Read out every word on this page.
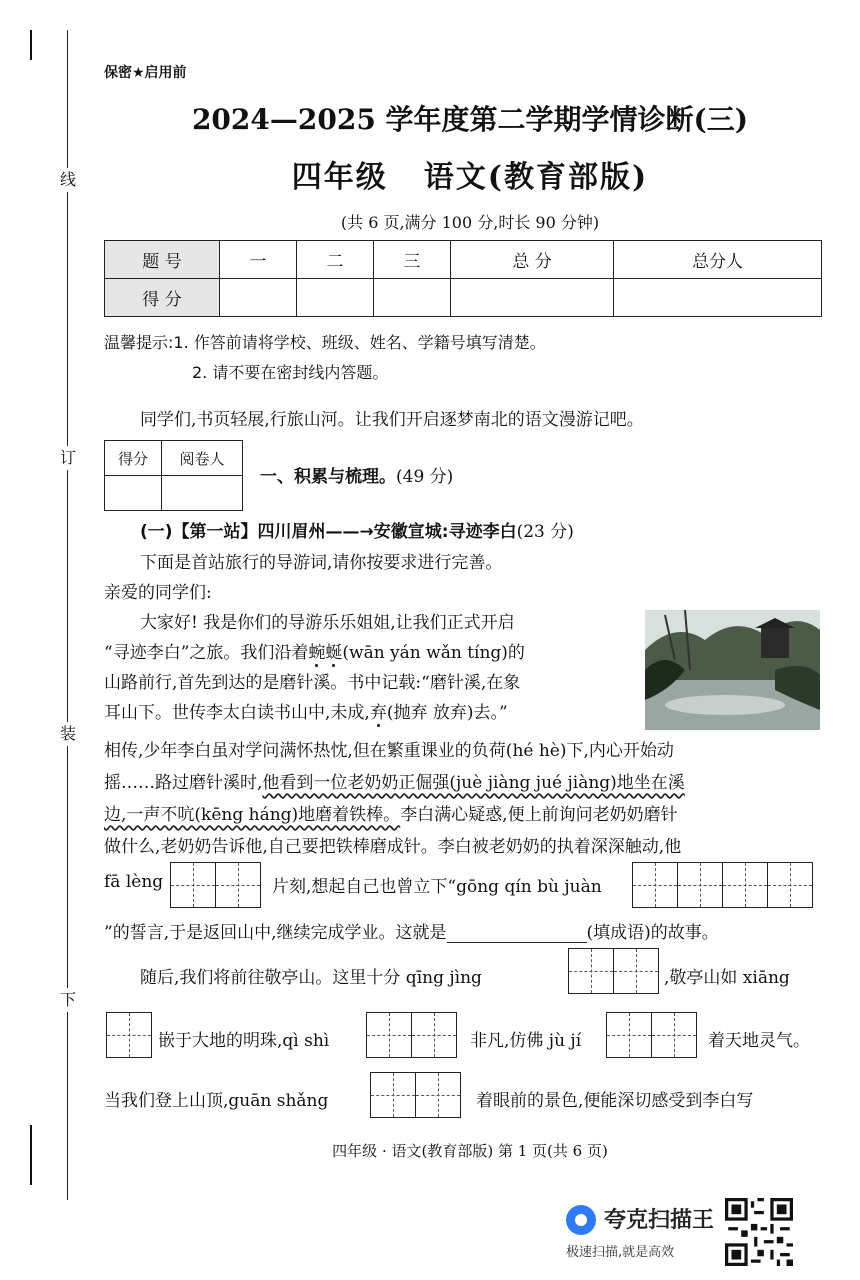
线
订
装
下
保密★启用前
2024—2025 学年度第二学期学情诊断(三)
四年级 语文(教育部版)
(共 6 页,满分 100 分,时长 90 分钟)
题 号	一	二	三	总 分	总分人
得 分					
温馨提示:1. 作答前请将学校、班级、姓名、学籍号填写清楚。
2. 请不要在密封线内答题。
同学们,书页轻展,行旅山河。让我们开启逐梦南北的语文漫游记吧。
得分	阅卷人

一、积累与梳理。(49 分)
(一)【第一站】四川眉州——→安徽宣城:寻迹李白(23 分)
下面是首站旅行的导游词,请你按要求进行完善。
亲爱的同学们:
大家好! 我是你们的导游乐乐姐姐,让我们正式开启
“寻迹李白”之旅。我们沿着蜿蜒(wān yán wǎn tíng)的
山路前行,首先到达的是磨针溪。书中记载:“磨针溪,在象
耳山下。世传李太白读书山中,未成,弃(抛弃 放弃)去。”
相传,少年李白虽对学问满怀热忱,但在繁重课业的负荷(hé hè)下,内心开始动
摇……路过磨针溪时,他看到一位老奶奶正倔强(juè jiàng jué jiàng)地坐在溪
边,一声不吭(kēng háng)地磨着铁棒。李白满心疑惑,便上前询问老奶奶磨针
做什么,老奶奶告诉他,自己要把铁棒磨成针。李白被老奶奶的执着深深触动,他
fā lèng	片刻,想起自己也曾立下“gōng qín bù juàn
”的誓言,于是返回山中,继续完成学业。这就是	(填成语)的故事。
随后,我们将前往敬亭山。这里十分 qīng jìng	,敬亭山如 xiāng
嵌于大地的明珠,qì shì	非凡,仿佛 jù jí	着天地灵气。
当我们登上山顶,guān shǎng	着眼前的景色,便能深切感受到李白写
四年级 · 语文(教育部版) 第 1 页(共 6 页)
夸克扫描王
极速扫描,就是高效
